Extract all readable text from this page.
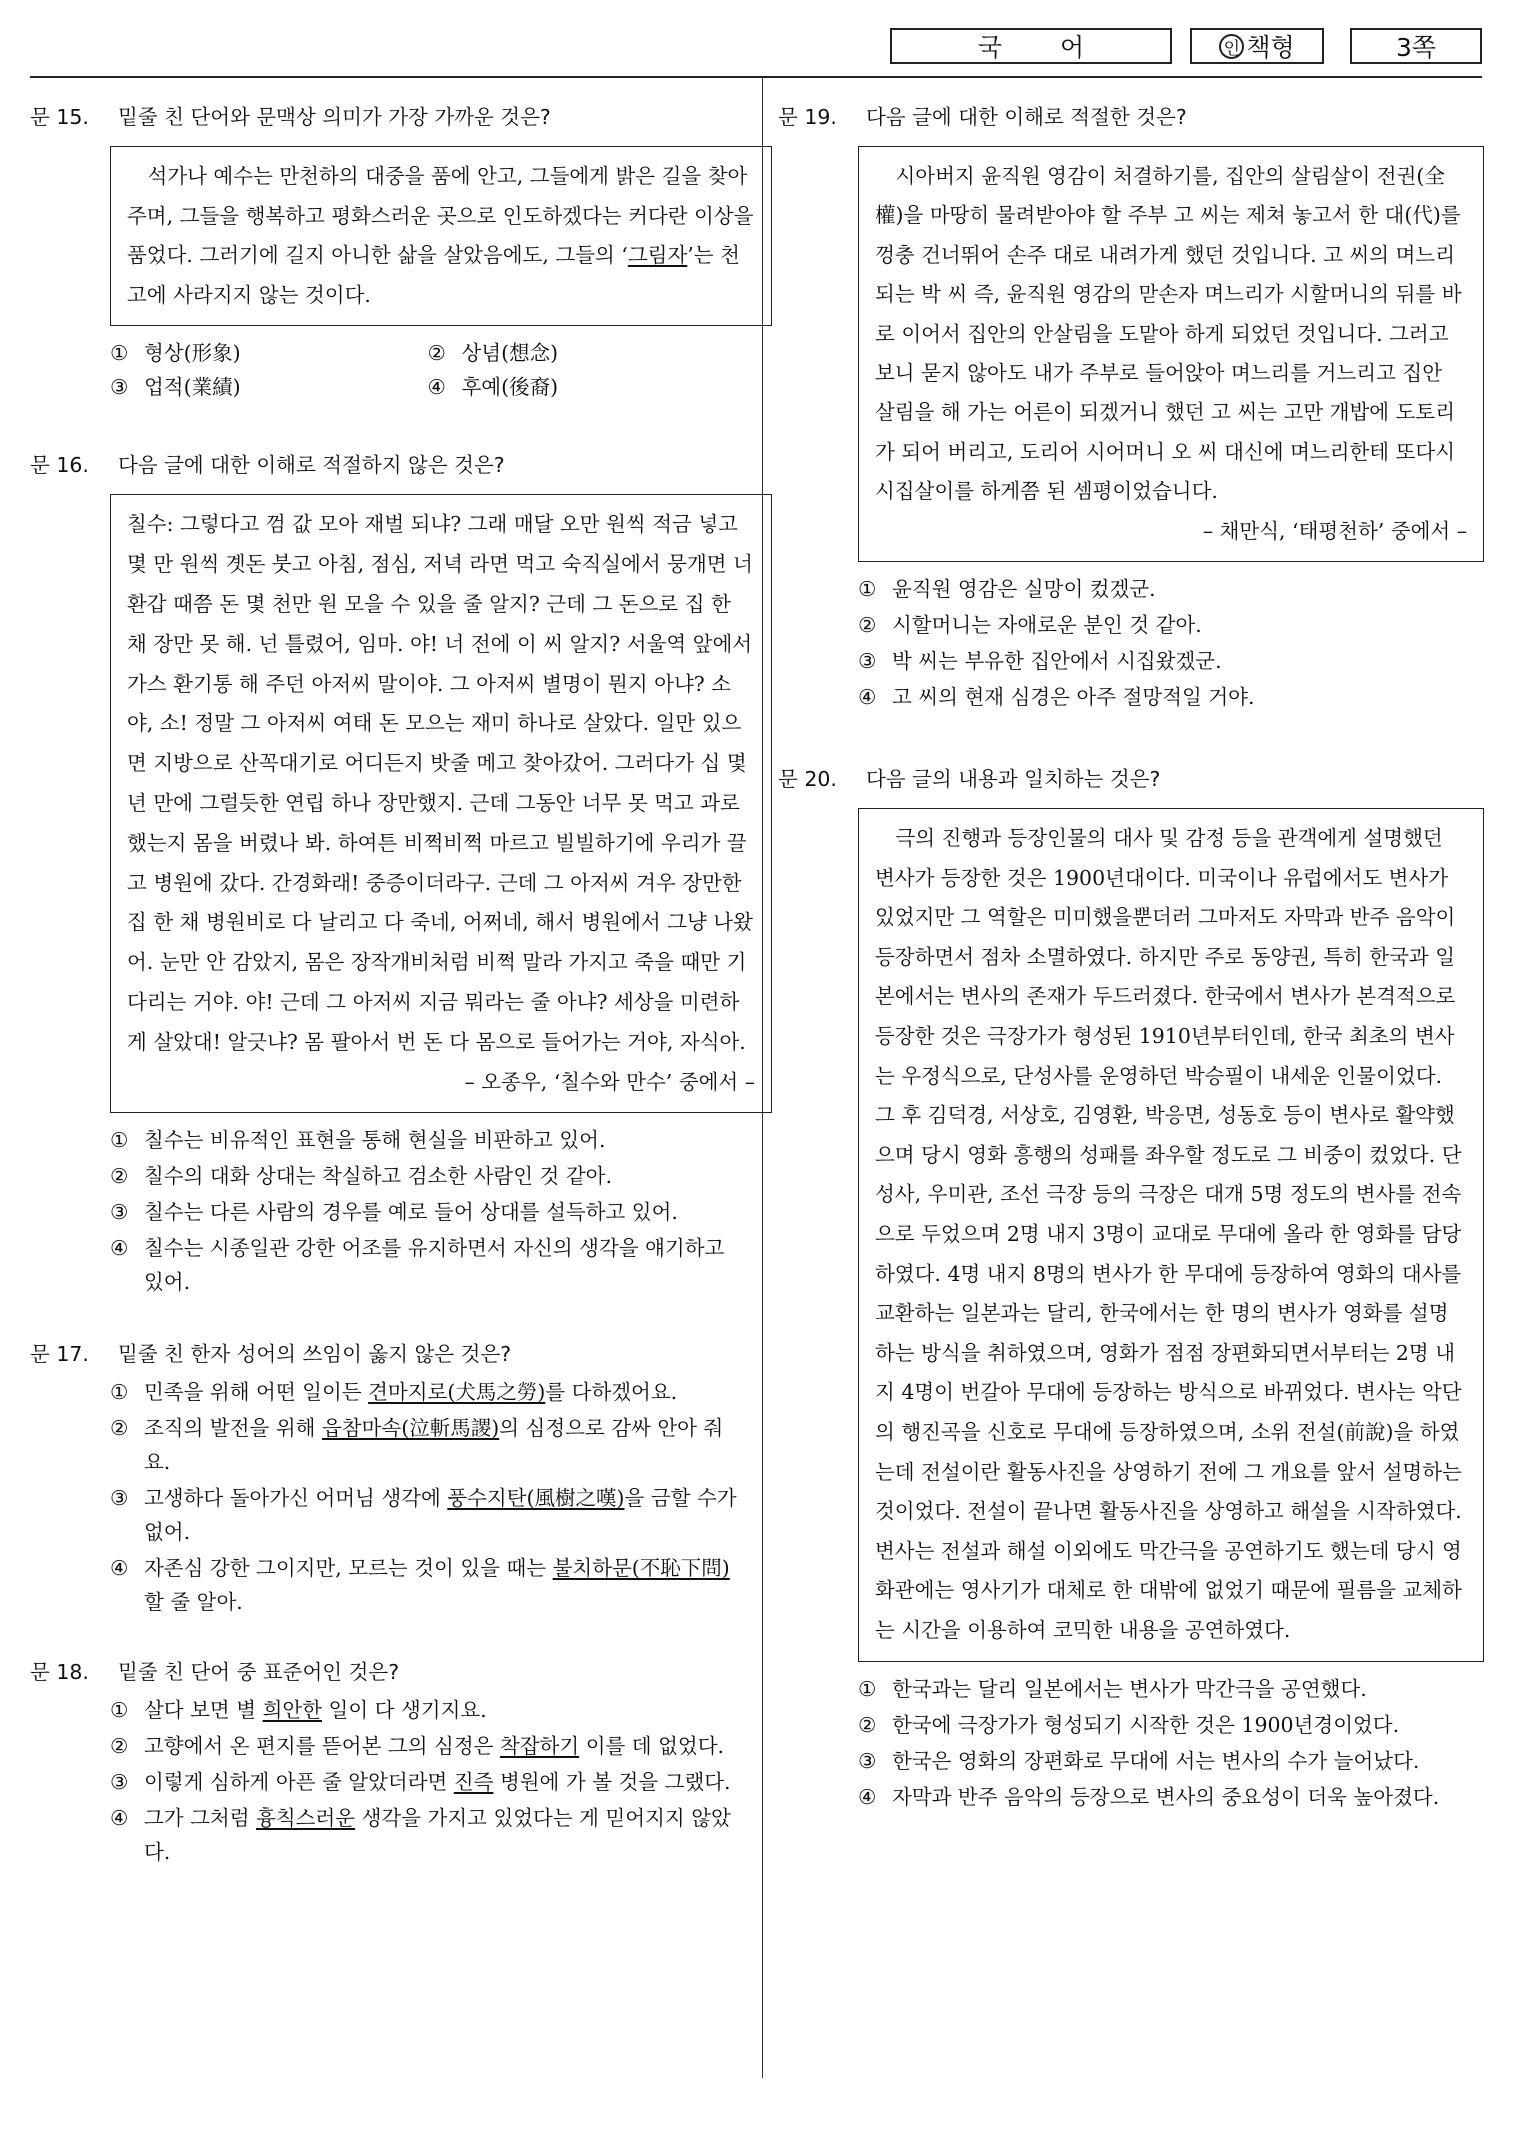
국어	인 책형	3쪽
문 15. 밑줄 친 단어와 문맥상 의미가 가장 가까운 것은?
석가나 예수는 만천하의 대중을 품에 안고, 그들에게 밝은 길을 찾아 주며, 그들을 행복하고 평화스러운 곳으로 인도하겠다는 커다란 이상을 품었다. 그러기에 길지 아니한 삶을 살았음에도, 그들의 ‘그림자’는 천고에 사라지지 않는 것이다.
① 형상(形象)	② 상념(想念)
③ 업적(業績)	④ 후예(後裔)
문 16. 다음 글에 대한 이해로 적절하지 않은 것은?
칠수: 그렇다고 껌 값 모아 재벌 되냐? 그래 매달 오만 원씩 적금 넣고 몇 만 원씩 곗돈 붓고 아침, 점심, 저녁 라면 먹고 숙직실에서 뭉개면 너 환갑 때쯤 돈 몇 천만 원 모을 수 있을 줄 알지? 근데 그 돈으로 집 한 채 장만 못 해. 넌 틀렸어, 임마. 야! 너 전에 이 씨 알지? 서울역 앞에서 가스 환기통 해 주던 아저씨 말이야. 그 아저씨 별명이 뭔지 아냐? 소야, 소! 정말 그 아저씨 여태 돈 모으는 재미 하나로 살았다. 일만 있으면 지방으로 산꼭대기로 어디든지 밧줄 메고 찾아갔어. 그러다가 십 몇 년 만에 그럴듯한 연립 하나 장만했지. 근데 그동안 너무 못 먹고 과로했는지 몸을 버렸나 봐. 하여튼 비쩍비쩍 마르고 빌빌하기에 우리가 끌고 병원에 갔다. 간경화래! 중증이더라구. 근데 그 아저씨 겨우 장만한 집 한 채 병원비로 다 날리고 다 죽네, 어쩌네, 해서 병원에서 그냥 나왔어. 눈만 안 감았지, 몸은 장작개비처럼 비쩍 말라 가지고 죽을 때만 기다리는 거야. 야! 근데 그 아저씨 지금 뭐라는 줄 아냐? 세상을 미련하게 살았대! 알긋냐? 몸 팔아서 번 돈 다 몸으로 들어가는 거야, 자식아.
– 오종우, ‘칠수와 만수’ 중에서 –
① 칠수는 비유적인 표현을 통해 현실을 비판하고 있어.
② 칠수의 대화 상대는 착실하고 검소한 사람인 것 같아.
③ 칠수는 다른 사람의 경우를 예로 들어 상대를 설득하고 있어.
④ 칠수는 시종일관 강한 어조를 유지하면서 자신의 생각을 얘기하고 있어.
문 17. 밑줄 친 한자 성어의 쓰임이 옳지 않은 것은?
① 민족을 위해 어떤 일이든 견마지로(犬馬之勞)를 다하겠어요.
② 조직의 발전을 위해 읍참마속(泣斬馬謖)의 심정으로 감싸 안아 줘요.
③ 고생하다 돌아가신 어머님 생각에 풍수지탄(風樹之嘆)을 금할 수가 없어.
④ 자존심 강한 그이지만, 모르는 것이 있을 때는 불치하문(不恥下問)할 줄 알아.
문 18. 밑줄 친 단어 중 표준어인 것은?
① 살다 보면 별 희안한 일이 다 생기지요.
② 고향에서 온 편지를 뜯어본 그의 심정은 착잡하기 이를 데 없었다.
③ 이렇게 심하게 아픈 줄 알았더라면 진즉 병원에 가 볼 것을 그랬다.
④ 그가 그처럼 흉칙스러운 생각을 가지고 있었다는 게 믿어지지 않았다.
문 19. 다음 글에 대한 이해로 적절한 것은?
시아버지 윤직원 영감이 처결하기를, 집안의 살림살이 전권(全權)을 마땅히 물려받아야 할 주부 고 씨는 제쳐 놓고서 한 대(代)를 껑충 건너뛰어 손주 대로 내려가게 했던 것입니다. 고 씨의 며느리 되는 박 씨 즉, 윤직원 영감의 맏손자 며느리가 시할머니의 뒤를 바로 이어서 집안의 안살림을 도맡아 하게 되었던 것입니다. 그러고 보니 묻지 않아도 내가 주부로 들어앉아 며느리를 거느리고 집안 살림을 해 가는 어른이 되겠거니 했던 고 씨는 고만 개밥에 도토리가 되어 버리고, 도리어 시어머니 오 씨 대신에 며느리한테 또다시 시집살이를 하게쯤 된 셈평이었습니다.
– 채만식, ‘태평천하’ 중에서 –
① 윤직원 영감은 실망이 컸겠군.
② 시할머니는 자애로운 분인 것 같아.
③ 박 씨는 부유한 집안에서 시집왔겠군.
④ 고 씨의 현재 심경은 아주 절망적일 거야.
문 20. 다음 글의 내용과 일치하는 것은?
극의 진행과 등장인물의 대사 및 감정 등을 관객에게 설명했던 변사가 등장한 것은 1900년대이다. 미국이나 유럽에서도 변사가 있었지만 그 역할은 미미했을뿐더러 그마저도 자막과 반주 음악이 등장하면서 점차 소멸하였다. 하지만 주로 동양권, 특히 한국과 일본에서는 변사의 존재가 두드러졌다. 한국에서 변사가 본격적으로 등장한 것은 극장가가 형성된 1910년부터인데, 한국 최초의 변사는 우정식으로, 단성사를 운영하던 박승필이 내세운 인물이었다. 그 후 김덕경, 서상호, 김영환, 박응면, 성동호 등이 변사로 활약했으며 당시 영화 흥행의 성패를 좌우할 정도로 그 비중이 컸었다. 단성사, 우미관, 조선 극장 등의 극장은 대개 5명 정도의 변사를 전속으로 두었으며 2명 내지 3명이 교대로 무대에 올라 한 영화를 담당하였다. 4명 내지 8명의 변사가 한 무대에 등장하여 영화의 대사를 교환하는 일본과는 달리, 한국에서는 한 명의 변사가 영화를 설명하는 방식을 취하였으며, 영화가 점점 장편화되면서부터는 2명 내지 4명이 번갈아 무대에 등장하는 방식으로 바뀌었다. 변사는 악단의 행진곡을 신호로 무대에 등장하였으며, 소위 전설(前說)을 하였는데 전설이란 활동사진을 상영하기 전에 그 개요를 앞서 설명하는 것이었다. 전설이 끝나면 활동사진을 상영하고 해설을 시작하였다. 변사는 전설과 해설 이외에도 막간극을 공연하기도 했는데 당시 영화관에는 영사기가 대체로 한 대밖에 없었기 때문에 필름을 교체하는 시간을 이용하여 코믹한 내용을 공연하였다.
① 한국과는 달리 일본에서는 변사가 막간극을 공연했다.
② 한국에 극장가가 형성되기 시작한 것은 1900년경이었다.
③ 한국은 영화의 장편화로 무대에 서는 변사의 수가 늘어났다.
④ 자막과 반주 음악의 등장으로 변사의 중요성이 더욱 높아졌다.
